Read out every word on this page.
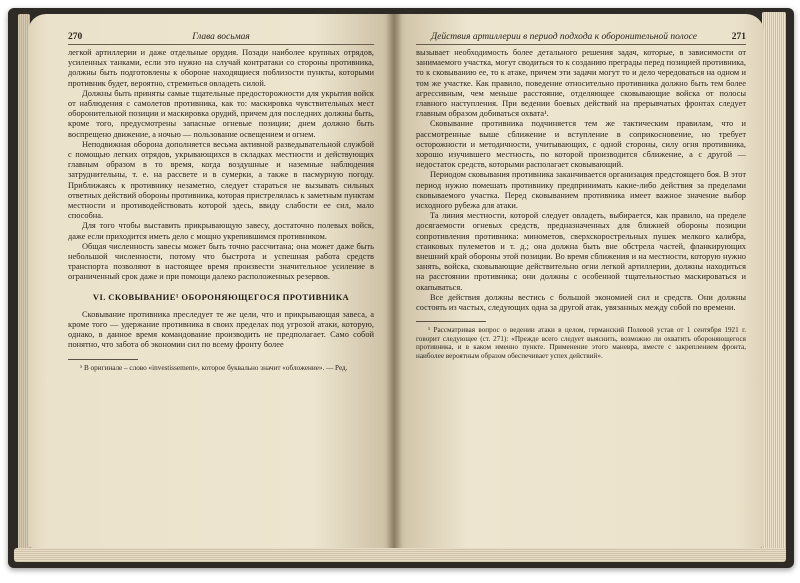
270	Глава восьмая

легкой артиллерии и даже отдельные орудия. Позади наиболее крупных отрядов, усиленных танками, если это нужно на случай контратаки со стороны противника, должны быть подготовлены к обороне находящиеся поблизости пункты, которыми противник будет, вероятно, стремиться овладеть силой.

Должны быть приняты самые тщательные предосторожности для укрытия войск от наблюдения с самолетов противника, как то: маскировка чувствительных мест оборонительной позиции и маскировка орудий, причем для последних должны быть, кроме того, предусмотрены запасные огневые позиции; днем должно быть воспрещено движение, а ночью — пользование освещением и огнем.

Неподвижная оборона дополняется весьма активной разведывательной службой с помощью легких отрядов, укрывающихся в складках местности и действующих главным образом в то время, когда воздушные и наземные наблюдения затруднительны, т. е. на рассвете и в сумерки, а также в пасмурную погоду. Приближаясь к противнику незаметно, следует стараться не вызывать сильных ответных действий обороны противника, которая пристрелялась к заметным пунктам местности и противодействовать которой здесь, ввиду слабости ее сил, мало способна.

Для того чтобы выставить прикрывающую завесу, достаточно полевых войск, даже если приходится иметь дело с мощно укрепившимся противником.

Общая численность завесы может быть точно рассчитана; она может даже быть небольшой численности, потому что быстрота и успешная работа средств транспорта позволяют в настоящее время произвести значительное усиление в ограниченный срок даже и при помощи далеко расположенных резервов.

VI. СКОВЫВАНИЕ¹ ОБОРОНЯЮЩЕГОСЯ ПРОТИВНИКА

Сковывание противника преследует те же цели, что и прикрывающая завеса, а кроме того — удержание противника в своих пределах под угрозой атаки, которую, однако, в данное время командование производить не предполагает. Само собой понятно, что забота об экономии сил по всему фронту более

¹ В оригинале – слово «investissement», которое буквально значит «обложение». — Ред.

Действия артиллерии в период подхода к оборонительной полосе	271

вызывает необходимость более детального решения задач, которые, в зависимости от занимаемого участка, могут сводиться то к созданию преграды перед позицией противника, то к сковыванию ее, то к атаке, причем эти задачи могут то и дело чередоваться на одном и том же участке. Как правило, поведение относительно противника должно быть тем более агрессивным, чем меньше расстояние, отделяющее сковывающие войска от полосы главного наступления. При ведении боевых действий на прерывчатых фронтах следует главным образом добиваться охвата¹.

Сковывание противника подчиняется тем же тактическим правилам, что и рассмотренные выше сближение и вступление в соприкосновение, но требует осторожности и методичности, учитывающих, с одной стороны, силу огня противника, хорошо изучившего местность, по которой производится сближение, а с другой — недостаток средств, которыми располагает сковывающий.

Периодом сковывания противника заканчивается организация предстоящего боя. В этот период нужно помешать противнику предпринимать какие-либо действия за пределами сковываемого участка. Перед сковыванием противника имеет важное значение выбор исходного рубежа для атаки.

Та линия местности, которой следует овладеть, выбирается, как правило, на пределе досягаемости огневых средств, предназначенных для ближней обороны позиции сопротивления противника: минометов, сверхскорострельных пушек мелкого калибра, станковых пулеметов и т. д.; она должна быть вне обстрела частей, фланкирующих внешний край обороны этой позиции. Во время сближения и на местности, которую нужно занять, войска, сковывающие действительно огни легкой артиллерии, должны находиться на расстоянии противника; они должны с особенной тщательностью маскироваться и окапываться.

Все действия должны вестись с большой экономией сил и средств. Они должны состоять из частых, следующих одна за другой атак, увязанных между собой по времени.

¹ Рассматривая вопрос о ведении атаки в целом, германский Полевой устав от 1 сентября 1921 г. говорит следующее (ст. 271): «Прежде всего следует выяснить, возможно ли охватить обороняющегося противника, и в каком именно пункте. Применение этого маневра, вместе с закреплением фронта, наиболее вероятным образом обеспечивает успех действий».
